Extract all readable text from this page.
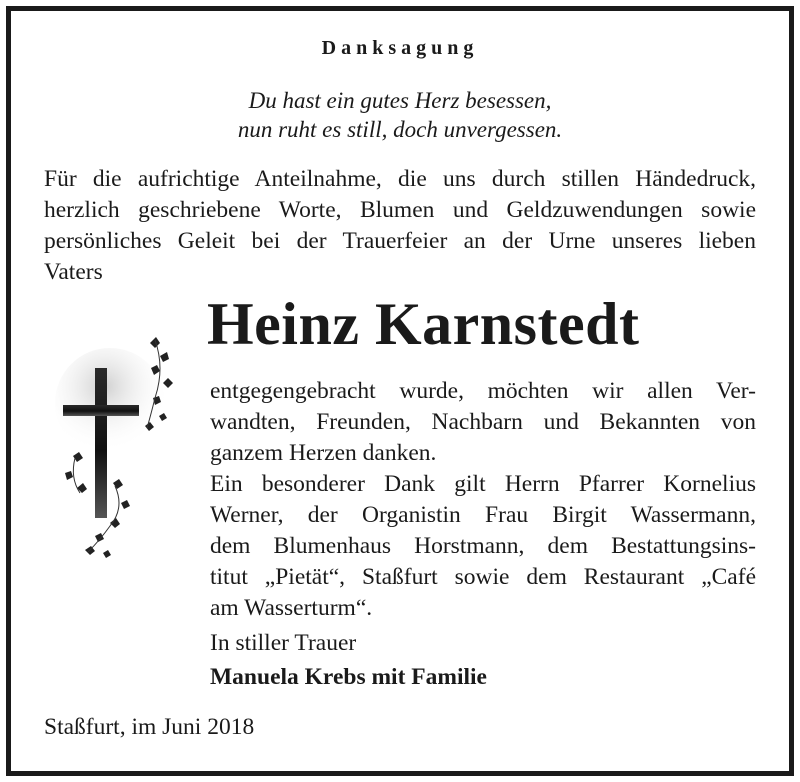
Danksagung
Du hast ein gutes Herz besessen,
nun ruht es still, doch unvergessen.
Für die aufrichtige Anteilnahme, die uns durch stillen Händedruck,
herzlich geschriebene Worte, Blumen und Geldzuwendungen sowie
persönliches Geleit bei der Trauerfeier an der Urne unseres lieben
Vaters
Heinz Karnstedt
entgegengebracht wurde, möchten wir allen Ver-
wandten, Freunden, Nachbarn und Bekannten von
ganzem Herzen danken.
Ein besonderer Dank gilt Herrn Pfarrer Kornelius
Werner, der Organistin Frau Birgit Wassermann,
dem Blumenhaus Horstmann, dem Bestattungsins-
titut „Pietät“, Staßfurt sowie dem Restaurant „Café
am Wasserturm“.
In stiller Trauer
Manuela Krebs mit Familie
Staßfurt, im Juni 2018
